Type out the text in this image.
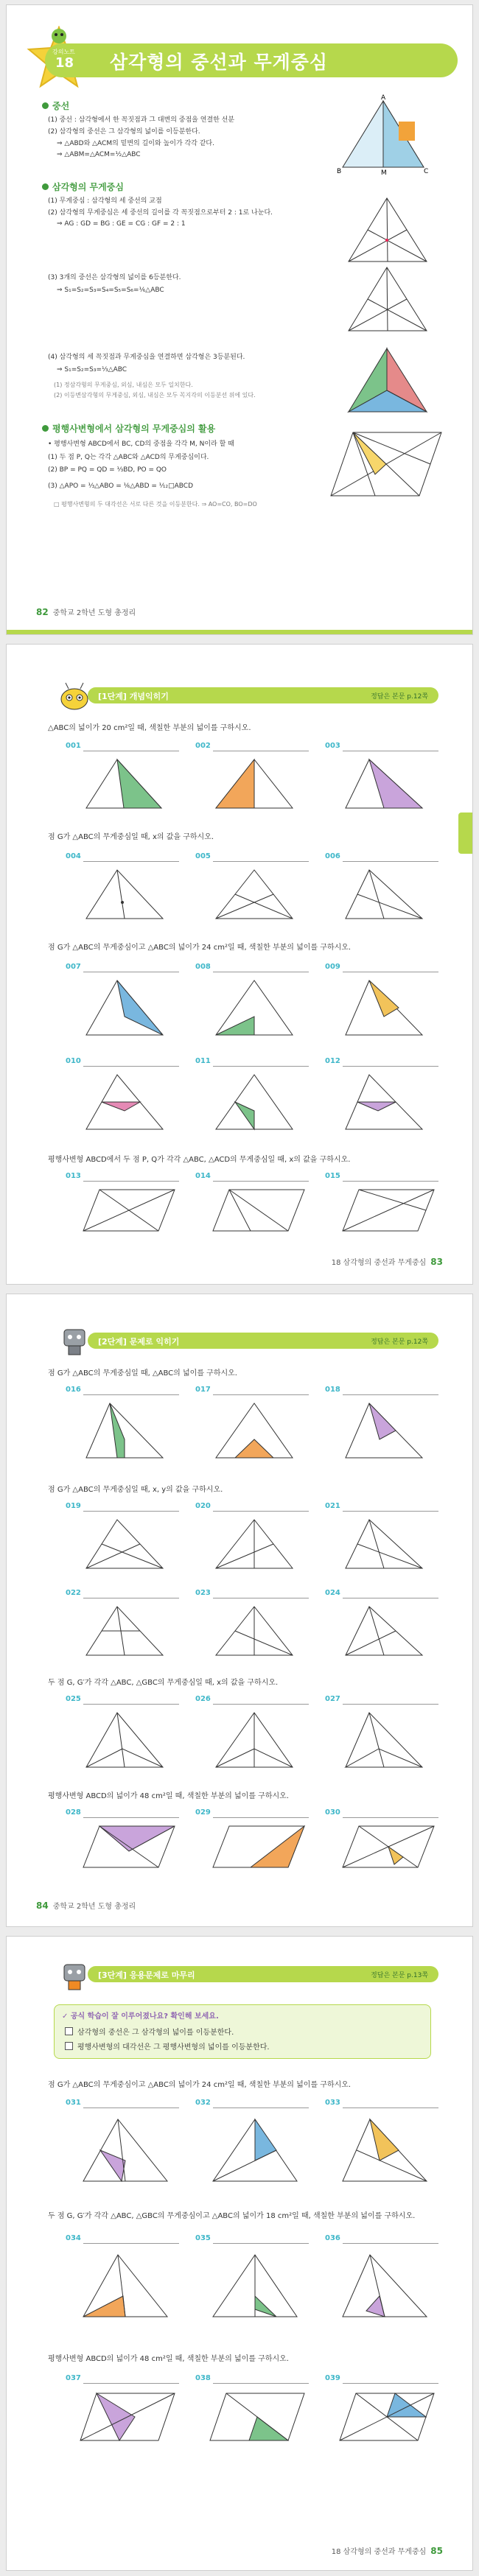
강의노트
18 삼각형의 중선과 무게중심
중선
(1) 중선 : 삼각형에서 한 꼭짓점과 그 대변의 중점을 연결한 선분
(2) 삼각형의 중선은 그 삼각형의 넓이를 이등분한다.
⇒ △ABD와 △ACM의 밑변의 길이와 높이가 각각 같다.
⇒ △ABM=△ACM=½△ABC
A
B	M	C
삼각형의 무게중심
(1) 무게중심 : 삼각형의 세 중선의 교점
(2) 삼각형의 무게중심은 세 중선의 길이를 각 꼭짓점으로부터 2 : 1로 나눈다.
⇒ AG : GD = BG : GE = CG : GF = 2 : 1
(3) 3개의 중선은 삼각형의 넓이를 6등분한다.
⇒ S₁=S₂=S₃=S₄=S₅=S₆=⅙△ABC
(4) 삼각형의 세 꼭짓점과 무게중심을 연결하면 삼각형은 3등분된다.
⇒ S₁=S₂=S₃=⅓△ABC
(1) 정삼각형의 무게중심, 외심, 내심은 모두 일치한다.
(2) 이등변삼각형의 무게중심, 외심, 내심은 모두 꼭지각의 이등분선 위에 있다.
평행사변형에서 삼각형의 무게중심의 활용
• 평행사변형 ABCD에서 BC, CD의 중점을 각각 M, N이라 할 때
(1) 두 점 P, Q는 각각 △ABC와 △ACD의 무게중심이다.
(2) BP = PQ = QD = ⅓BD, PO = QO
(3) △APO = ⅓△ABO = ⅙△ABD = ⅟₁₂□ABCD
□ 평행사변형의 두 대각선은 서로 다른 것을 이등분한다. ⇒ AO=CO, BO=DO
82 중학교 2학년 도형 총정리
[1단계] 개념익히기	정답은 본문 p.12쪽
△ABC의 넓이가 20 cm²일 때, 색칠한 부분의 넓이를 구하시오.
001	002	003
점 G가 △ABC의 무게중심일 때, x의 값을 구하시오.
004	005	006
점 G가 △ABC의 무게중심이고 △ABC의 넓이가 24 cm²일 때, 색칠한 부분의 넓이를 구하시오.
007	008	009
010	011	012
평행사변형 ABCD에서 두 점 P, Q가 각각 △ABC, △ACD의 무게중심일 때, x의 값을 구하시오.
013	014	015
18 삼각형의 중선과 무게중심 83
[2단계] 문제로 익히기	정답은 본문 p.12쪽
점 G가 △ABC의 무게중심일 때, △ABC의 넓이를 구하시오.
016	017	018
점 G가 △ABC의 무게중심일 때, x, y의 값을 구하시오.
019	020	021
022	023	024
두 점 G, G′가 각각 △ABC, △GBC의 무게중심일 때, x의 값을 구하시오.
025	026	027
평행사변형 ABCD의 넓이가 48 cm²일 때, 색칠한 부분의 넓이를 구하시오.
028	029	030
84 중학교 2학년 도형 총정리
[3단계] 응용문제로 마무리	정답은 본문 p.13쪽
✓ 공식 학습이 잘 이루어졌나요? 확인해 보세요.
삼각형의 중선은 그 삼각형의 넓이를 이등분한다.
평행사변형의 대각선은 그 평행사변형의 넓이를 이등분한다.
점 G가 △ABC의 무게중심이고 △ABC의 넓이가 24 cm²일 때, 색칠한 부분의 넓이를 구하시오.
031	032	033
두 점 G, G′가 각각 △ABC, △GBC의 무게중심이고 △ABC의 넓이가 18 cm²일 때, 색칠한 부분의 넓이를 구하시오.
034	035	036
평행사변형 ABCD의 넓이가 48 cm²일 때, 색칠한 부분의 넓이를 구하시오.
037	038	039
18 삼각형의 중선과 무게중심 85
